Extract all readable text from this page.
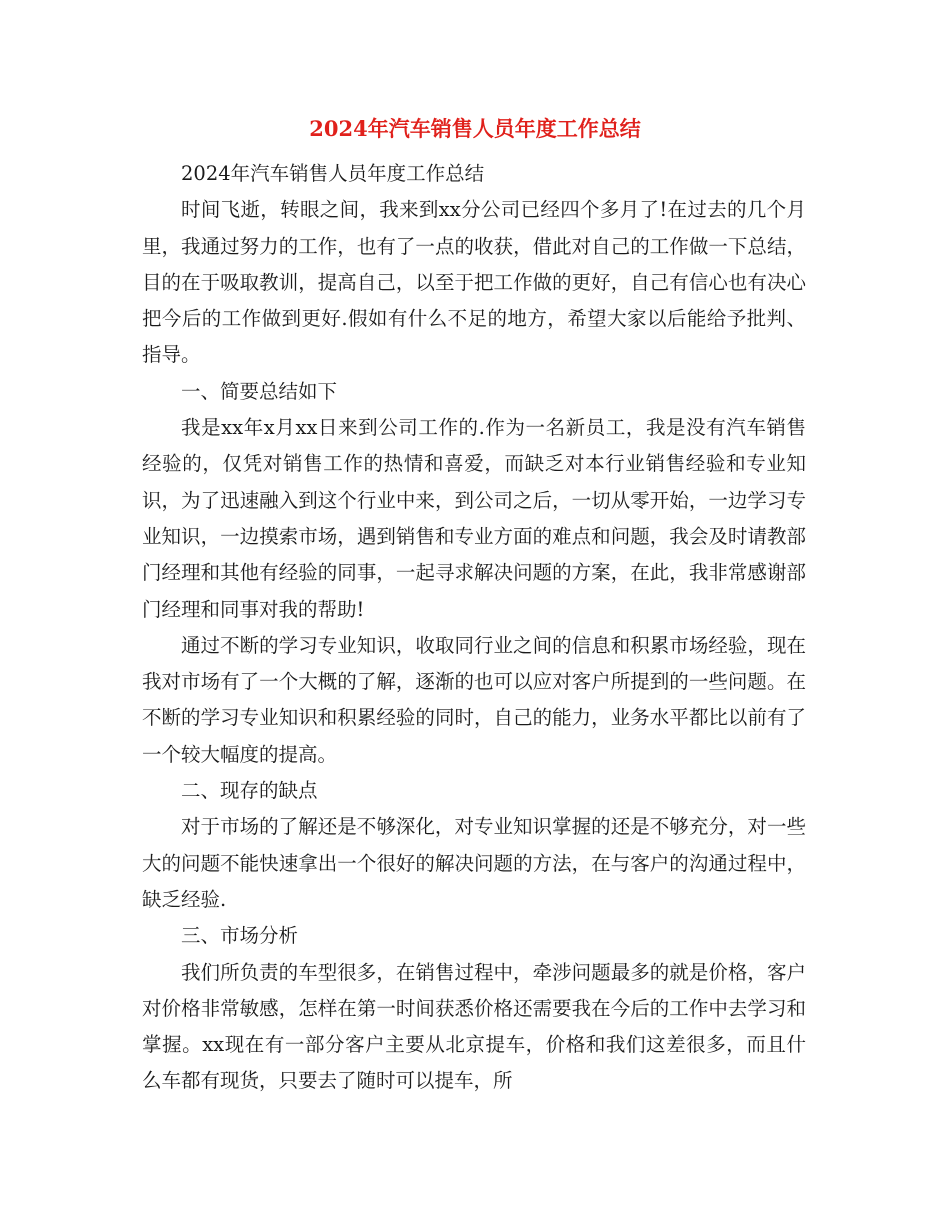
2024年汽车销售人员年度工作总结

2024年汽车销售人员年度工作总结

时间飞逝，转眼之间，我来到xx分公司已经四个多月了!在过去的几个月里，我通过努力的工作，也有了一点的收获，借此对自己的工作做一下总结，目的在于吸取教训，提高自己，以至于把工作做的更好，自己有信心也有决心把今后的工作做到更好.假如有什么不足的地方，希望大家以后能给予批判、指导。

一、简要总结如下

我是xx年x月xx日来到公司工作的.作为一名新员工，我是没有汽车销售经验的，仅凭对销售工作的热情和喜爱，而缺乏对本行业销售经验和专业知识，为了迅速融入到这个行业中来，到公司之后，一切从零开始，一边学习专业知识，一边摸索市场，遇到销售和专业方面的难点和问题，我会及时请教部门经理和其他有经验的同事，一起寻求解决问题的方案，在此，我非常感谢部门经理和同事对我的帮助!

通过不断的学习专业知识，收取同行业之间的信息和积累市场经验，现在我对市场有了一个大概的了解，逐渐的也可以应对客户所提到的一些问题。在不断的学习专业知识和积累经验的同时，自己的能力，业务水平都比以前有了一个较大幅度的提高。

二、现存的缺点

对于市场的了解还是不够深化，对专业知识掌握的还是不够充分，对一些大的问题不能快速拿出一个很好的解决问题的方法，在与客户的沟通过程中，缺乏经验.

三、市场分析

我们所负责的车型很多，在销售过程中，牵涉问题最多的就是价格，客户对价格非常敏感，怎样在第一时间获悉价格还需要我在今后的工作中去学习和掌握。xx现在有一部分客户主要从北京提车，价格和我们这差很多，而且什么车都有现货，只要去了随时可以提车，所
